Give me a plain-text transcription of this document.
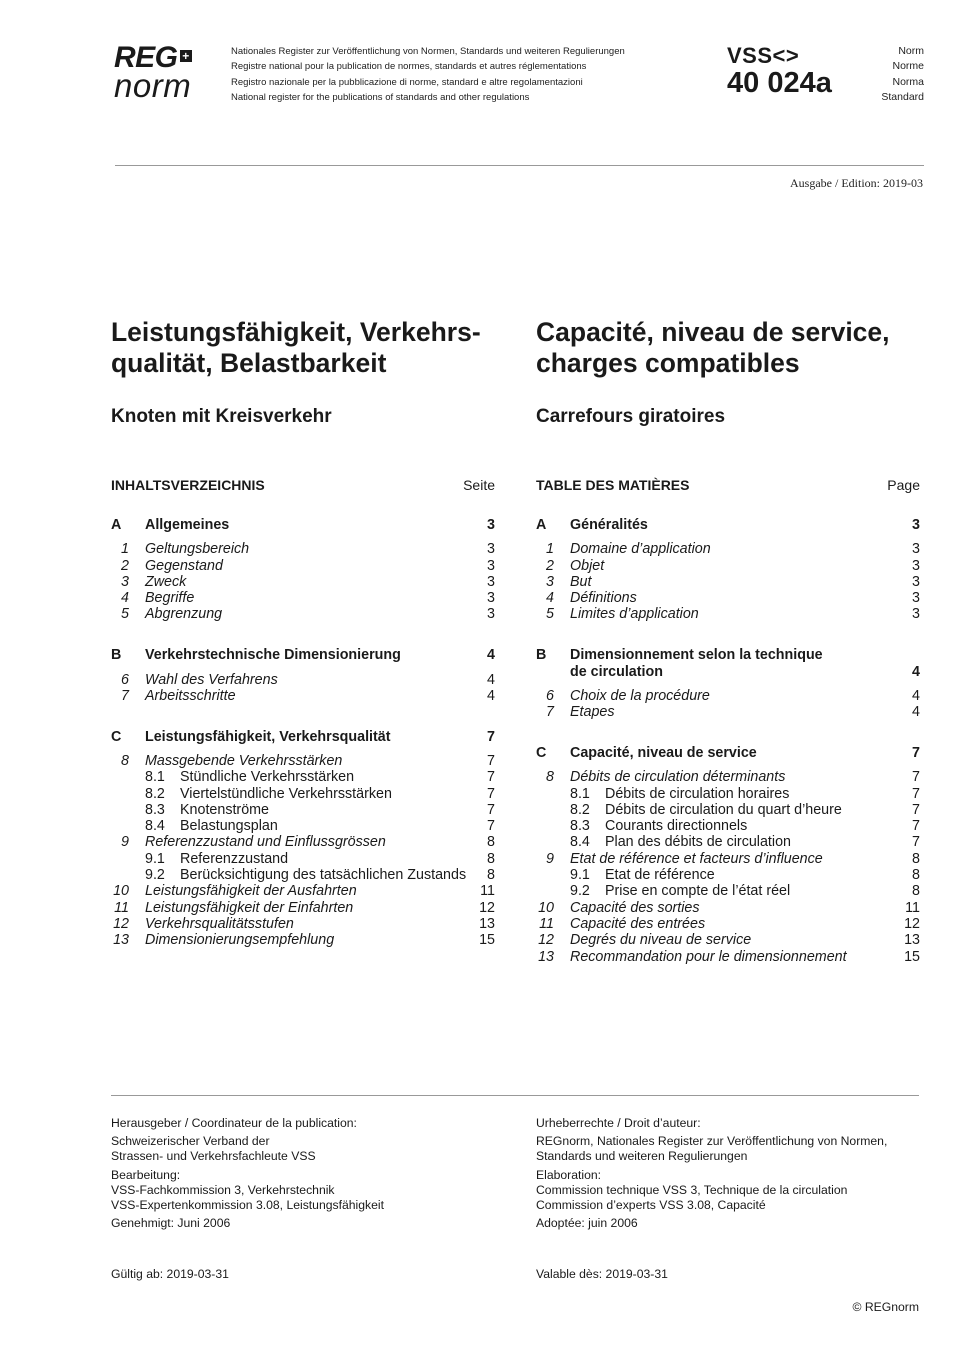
REG +
norm
Nationales Register zur Veröffentlichung von Normen, Standards und weiteren Regulierungen
Registre national pour la publication de normes, standards et autres réglementations
Registro nazionale per la pubblicazione di norme, standard e altre regolamentazioni
National register for the publications of standards and other regulations
VSS<>
40 024a
Norm
Norme
Norma
Standard
Ausgabe / Edition: 2019-03
Leistungsfähigkeit, Verkehrs-
qualität, Belastbarkeit
Capacité, niveau de service,
charges compatibles
Knoten mit Kreisverkehr	Carrefours giratoires
INHALTSVERZEICHNIS	Seite	TABLE DES MATIÈRES	Page
A	Allgemeines	3
1 Geltungsbereich	3
2 Gegenstand	3
3 Zweck	3
4 Begriffe	3
5 Abgrenzung	3
B	Verkehrstechnische Dimensionierung	4
6 Wahl des Verfahrens	4
7 Arbeitsschritte	4
C	Leistungsfähigkeit, Verkehrsqualität	7
8 Massgebende Verkehrsstärken	7
8.1 Stündliche Verkehrsstärken	7
8.2 Viertelstündliche Verkehrsstärken	7
8.3 Knotenströme	7
8.4 Belastungsplan	7
9 Referenzzustand und Einflussgrössen	8
9.1 Referenzzustand	8
9.2 Berücksichtigung des tatsächlichen Zustands 8
10 Leistungsfähigkeit der Ausfahrten	11
11 Leistungsfähigkeit der Einfahrten	12
12 Verkehrsqualitätsstufen	13
13 Dimensionierungsempfehlung	15
A	Généralités	3
1 Domaine d’application	3
2 Objet	3
3 But	3
4 Définitions	3
5 Limites d’application	3
B	Dimensionnement selon la technique
de circulation	4
6 Choix de la procédure	4
7 Etapes	4
C	Capacité, niveau de service	7
8 Débits de circulation déterminants	7
8.1 Débits de circulation horaires	7
8.2 Débits de circulation du quart d’heure	7
8.3 Courants directionnels	7
8.4 Plan des débits de circulation	7
9 Etat de référence et facteurs d’influence	8
9.1 Etat de référence	8
9.2 Prise en compte de l’état réel	8
10 Capacité des sorties	11
11 Capacité des entrées	12
12 Degrés du niveau de service	13
13 Recommandation pour le dimensionnement	15
Herausgeber / Coordinateur de la publication:
Schweizerischer Verband der
Strassen- und Verkehrsfachleute VSS
Bearbeitung:
VSS-Fachkommission 3, Verkehrstechnik
VSS-Expertenkommission 3.08, Leistungsfähigkeit
Genehmigt: Juni 2006
Urheberrechte / Droit d’auteur:
REGnorm, Nationales Register zur Veröffentlichung von Normen,
Standards und weiteren Regulierungen
Elaboration:
Commission technique VSS 3, Technique de la circulation
Commission d’experts VSS 3.08, Capacité
Adoptée: juin 2006
Gültig ab: 2019-03-31	Valable dès: 2019-03-31
© REGnorm
